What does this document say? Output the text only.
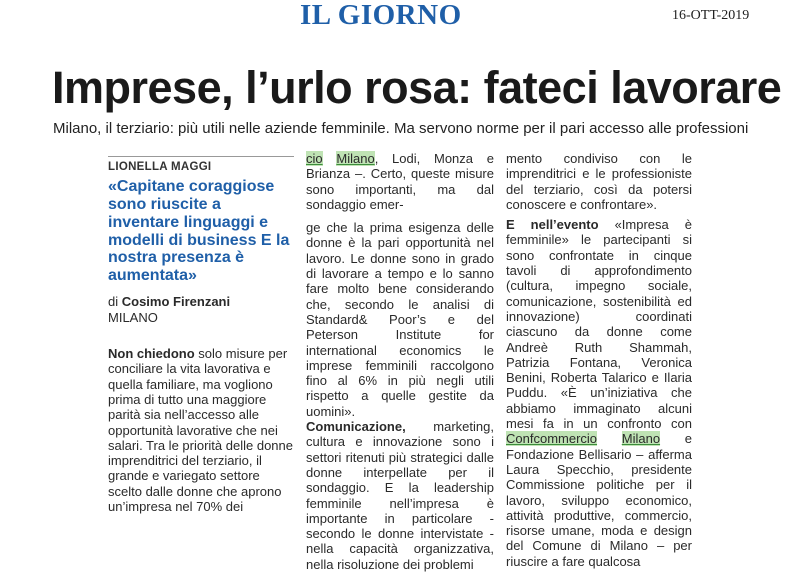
IL GIORNO	16-OTT-2019
Imprese, l’urlo rosa: fateci lavorare
Milano, il terziario: più utili nelle aziende femminile. Ma servono norme per il pari accesso alle professioni
LIONELLA MAGGI
«Capitane coraggiose sono riuscite a inventare linguaggi e modelli di business E la nostra presenza è aumentata»
di Cosimo Firenzani
MILANO

Non chiedono solo misure per conciliare la vita lavorativa e quella familiare, ma vogliono prima di tutto una maggiore parità sia nell’accesso alle opportunità lavorative che nei salari. Tra le priorità delle donne imprenditrici del terziario, il grande e variegato settore scelto dalle donne che aprono un’impresa nel 70% dei

cio Milano, Lodi, Monza e Brianza –. Certo, queste misure sono importanti, ma dal sondaggio emer-

ge che la prima esigenza delle donne è la pari opportunità nel lavoro. Le donne sono in grado di lavorare a tempo e lo sanno fare molto bene considerando che, secondo le analisi di Standard& Poor’s e del Peterson Institute for international economics le imprese femminili raccolgono fino al 6% in più negli utili rispetto a quelle gestite da uomini».

Comunicazione, marketing, cultura e innovazione sono i settori ritenuti più strategici dalle donne interpellate per il sondaggio. E la leadership femminile nell’impresa è importante in particolare - secondo le donne intervistate - nella capacità organizzativa, nella risoluzione dei problemi

mento condiviso con le imprenditrici e le professioniste del terziario, così da potersi conoscere e confrontare».

E nell’evento «Impresa è femminile» le partecipanti si sono confrontate in cinque tavoli di approfondimento (cultura, impegno sociale, comunicazione, sostenibilità ed innovazione) coordinati ciascuno da donne come Andreè Ruth Shammah, Patrizia Fontana, Veronica Benini, Roberta Talarico e Ilaria Puddu. «È un’iniziativa che abbiamo immaginato alcuni mesi fa in un confronto con Confcommercio Milano e Fondazione Bellisario – afferma Laura Specchio, presidente Commissione politiche per il lavoro, sviluppo economico, attività produttive, commercio, risorse umane, moda e design del Comune di Milano – per riuscire a fare qualcosa
